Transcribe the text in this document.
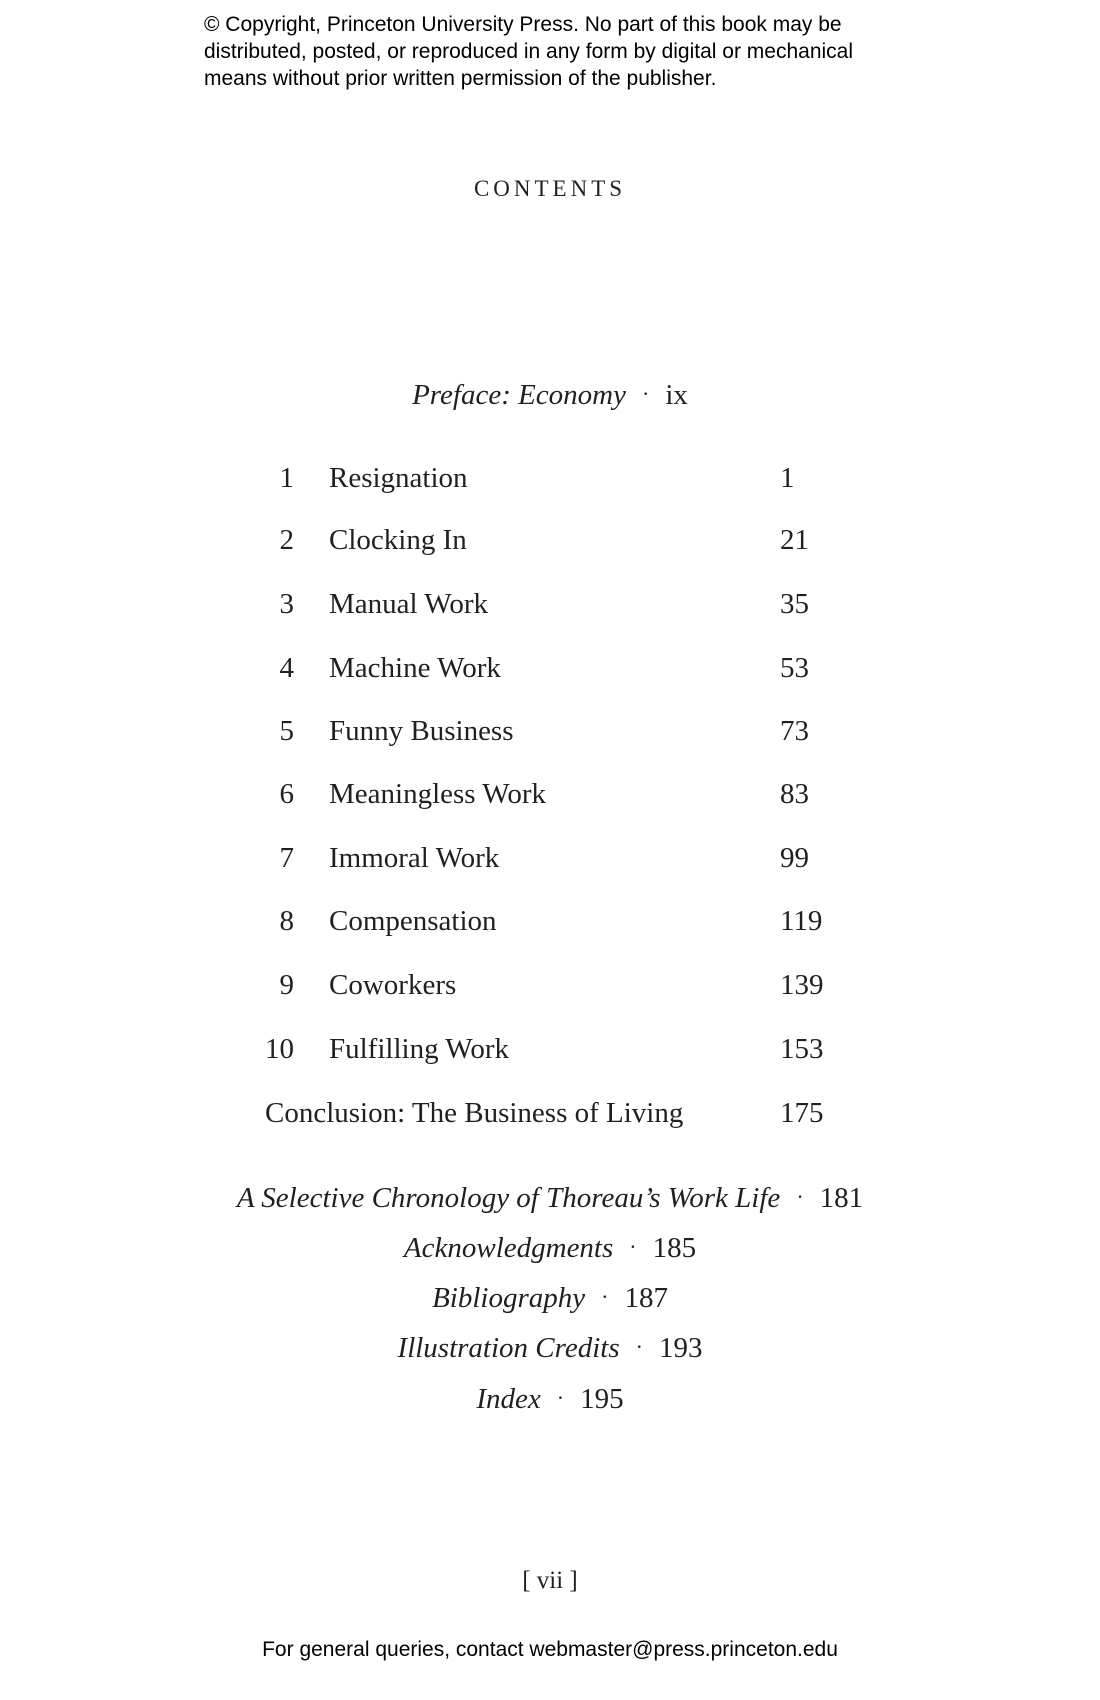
© Copyright, Princeton University Press. No part of this book may be
distributed, posted, or reproduced in any form by digital or mechanical
means without prior written permission of the publisher.
CONTENTS
Preface: Economy · ix
1 Resignation	1
2 Clocking In	21
3 Manual Work	35
4 Machine Work	53
5 Funny Business	73
6 Meaningless Work	83
7 Immoral Work	99
8 Compensation	119
9 Coworkers	139
10 Fulfilling Work	153
Conclusion: The Business of Living	175
A Selective Chronology of Thoreau’s Work Life · 181
Acknowledgments · 185
Bibliography · 187
Illustration Credits · 193
Index · 195
[ vii ]
For general queries, contact webmaster@press.princeton.edu
